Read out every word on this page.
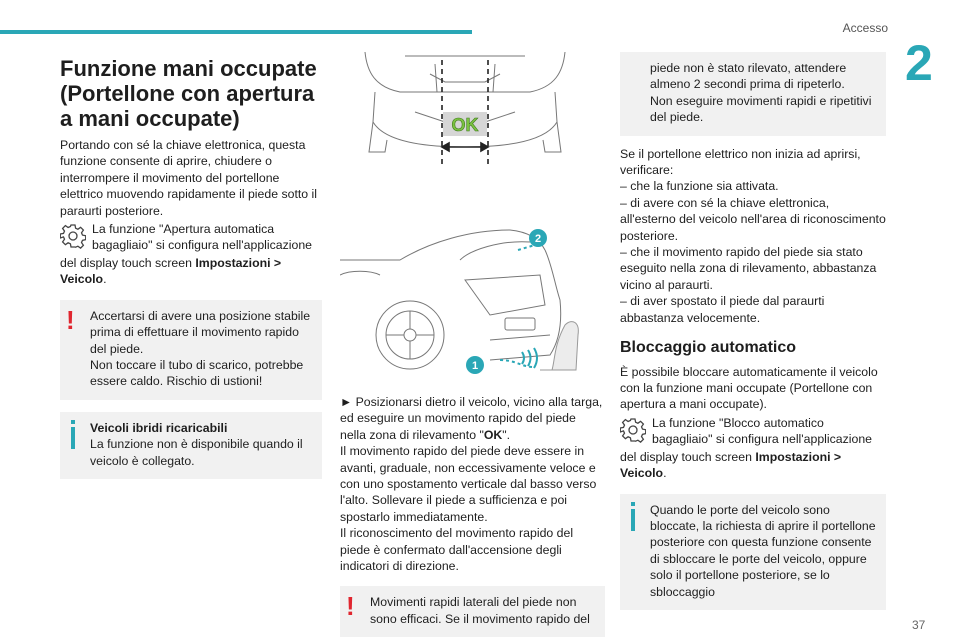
Accesso
2
Funzione mani occupate (Portellone con apertura a mani occupate)

Portando con sé la chiave elettronica, questa funzione consente di aprire, chiudere o interrompere il movimento del portellone elettrico muovendo rapidamente il piede sotto il paraurti posteriore.

La funzione "Apertura automatica bagagliaio" si configura nell'applicazione

del display touch screen Impostazioni > Veicolo.

! Accertarsi di avere una posizione stabile prima di effettuare il movimento rapido del piede.

Non toccare il tubo di scarico, potrebbe essere caldo. Rischio di ustioni!

Veicoli ibridi ricaricabili

La funzione non è disponibile quando il veicolo è collegato.

OK
1
2

► Posizionarsi dietro il veicolo, vicino alla targa, ed eseguire un movimento rapido del piede nella zona di rilevamento "OK".

Il movimento rapido del piede deve essere in avanti, graduale, non eccessivamente veloce e con uno spostamento verticale dal basso verso l'alto. Sollevare il piede a sufficienza e poi spostarlo immediatamente.

Il riconoscimento del movimento rapido del piede è confermato dall'accensione degli indicatori di direzione.

! Movimenti rapidi laterali del piede non sono efficaci. Se il movimento rapido del

piede non è stato rilevato, attendere almeno 2 secondi prima di ripeterlo.

Non eseguire movimenti rapidi e ripetitivi del piede.

Se il portellone elettrico non inizia ad aprirsi, verificare:

– che la funzione sia attivata.

– di avere con sé la chiave elettronica, all'esterno del veicolo nell'area di riconoscimento posteriore.

– che il movimento rapido del piede sia stato eseguito nella zona di rilevamento, abbastanza vicino al paraurti.

– di aver spostato il piede dal paraurti abbastanza velocemente.

Bloccaggio automatico

È possibile bloccare automaticamente il veicolo con la funzione mani occupate (Portellone con apertura a mani occupate).

La funzione "Blocco automatico bagagliaio" si configura nell'applicazione

del display touch screen Impostazioni > Veicolo.

Quando le porte del veicolo sono bloccate, la richiesta di aprire il portellone posteriore con questa funzione consente di sbloccare le porte del veicolo, oppure solo il portellone posteriore, se lo sbloccaggio

37
